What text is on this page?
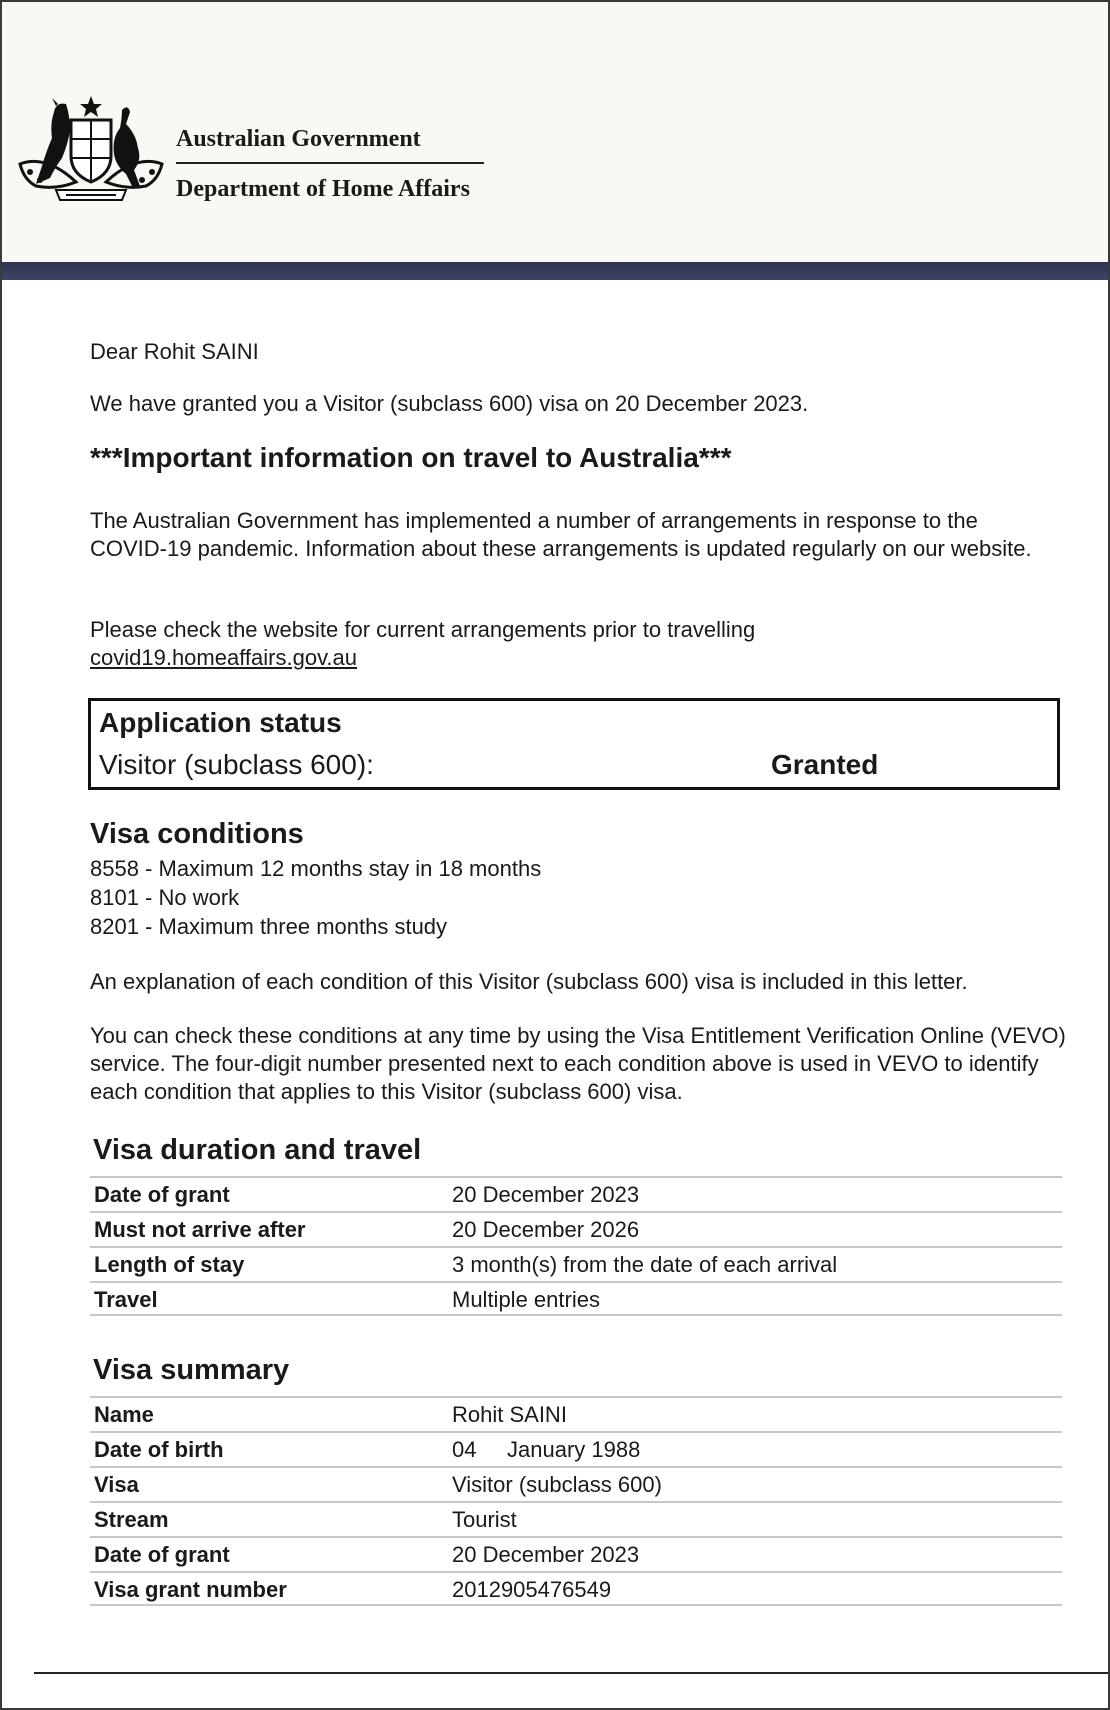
Australian Government
Department of Home Affairs
Dear Rohit SAINI
We have granted you a Visitor (subclass 600) visa on 20 December 2023.
***Important information on travel to Australia***
The Australian Government has implemented a number of arrangements in response to the COVID-19 pandemic. Information about these arrangements is updated regularly on our website.
Please check the website for current arrangements prior to travelling
covid19.homeaffairs.gov.au
Application status
Visitor (subclass 600):	Granted
Visa conditions
8558 - Maximum 12 months stay in 18 months
8101 - No work
8201 - Maximum three months study
An explanation of each condition of this Visitor (subclass 600) visa is included in this letter.
You can check these conditions at any time by using the Visa Entitlement Verification Online (VEVO) service. The four-digit number presented next to each condition above is used in VEVO to identify each condition that applies to this Visitor (subclass 600) visa.
Visa duration and travel
Date of grant	20 December 2023
Must not arrive after	20 December 2026
Length of stay	3 month(s) from the date of each arrival
Travel	Multiple entries
Visa summary
Name	Rohit SAINI
Date of birth	04     January 1988
Visa	Visitor (subclass 600)
Stream	Tourist
Date of grant	20 December 2023
Visa grant number	2012905476549
